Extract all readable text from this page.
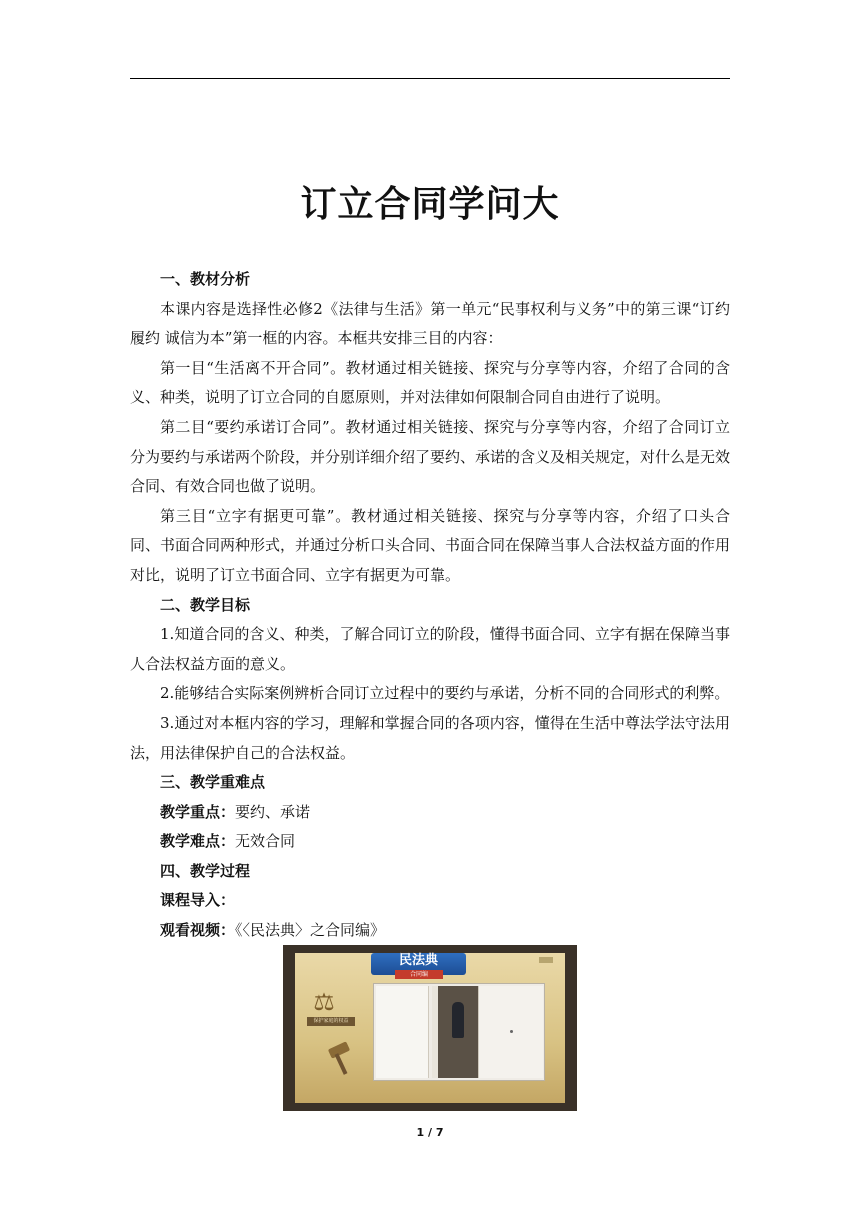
订立合同学问大

一、教材分析

本课内容是选择性必修2《法律与生活》第一单元“民事权利与义务”中的第三课“订约履约 诚信为本”第一框的内容。本框共安排三目的内容：

第一目“生活离不开合同”。教材通过相关链接、探究与分享等内容，介绍了合同的含义、种类，说明了订立合同的自愿原则，并对法律如何限制合同自由进行了说明。

第二目“要约承诺订合同”。教材通过相关链接、探究与分享等内容，介绍了合同订立分为要约与承诺两个阶段，并分别详细介绍了要约、承诺的含义及相关规定，对什么是无效合同、有效合同也做了说明。

第三目“立字有据更可靠”。教材通过相关链接、探究与分享等内容，介绍了口头合同、书面合同两种形式，并通过分析口头合同、书面合同在保障当事人合法权益方面的作用对比，说明了订立书面合同、立字有据更为可靠。

二、教学目标

1.知道合同的含义、种类，了解合同订立的阶段，懂得书面合同、立字有据在保障当事人合法权益方面的意义。

2.能够结合实际案例辨析合同订立过程中的要约与承诺，分析不同的合同形式的利弊。

3.通过对本框内容的学习，理解和掌握合同的各项内容，懂得在生活中尊法学法守法用法，用法律保护自己的合法权益。

三、教学重难点

教学重点：要约、承诺

教学难点：无效合同

四、教学过程

课程导入：

观看视频：《〈民法典〉之合同编》

民法典
合同编
⚖
保护家庭的权益
1 / 7
